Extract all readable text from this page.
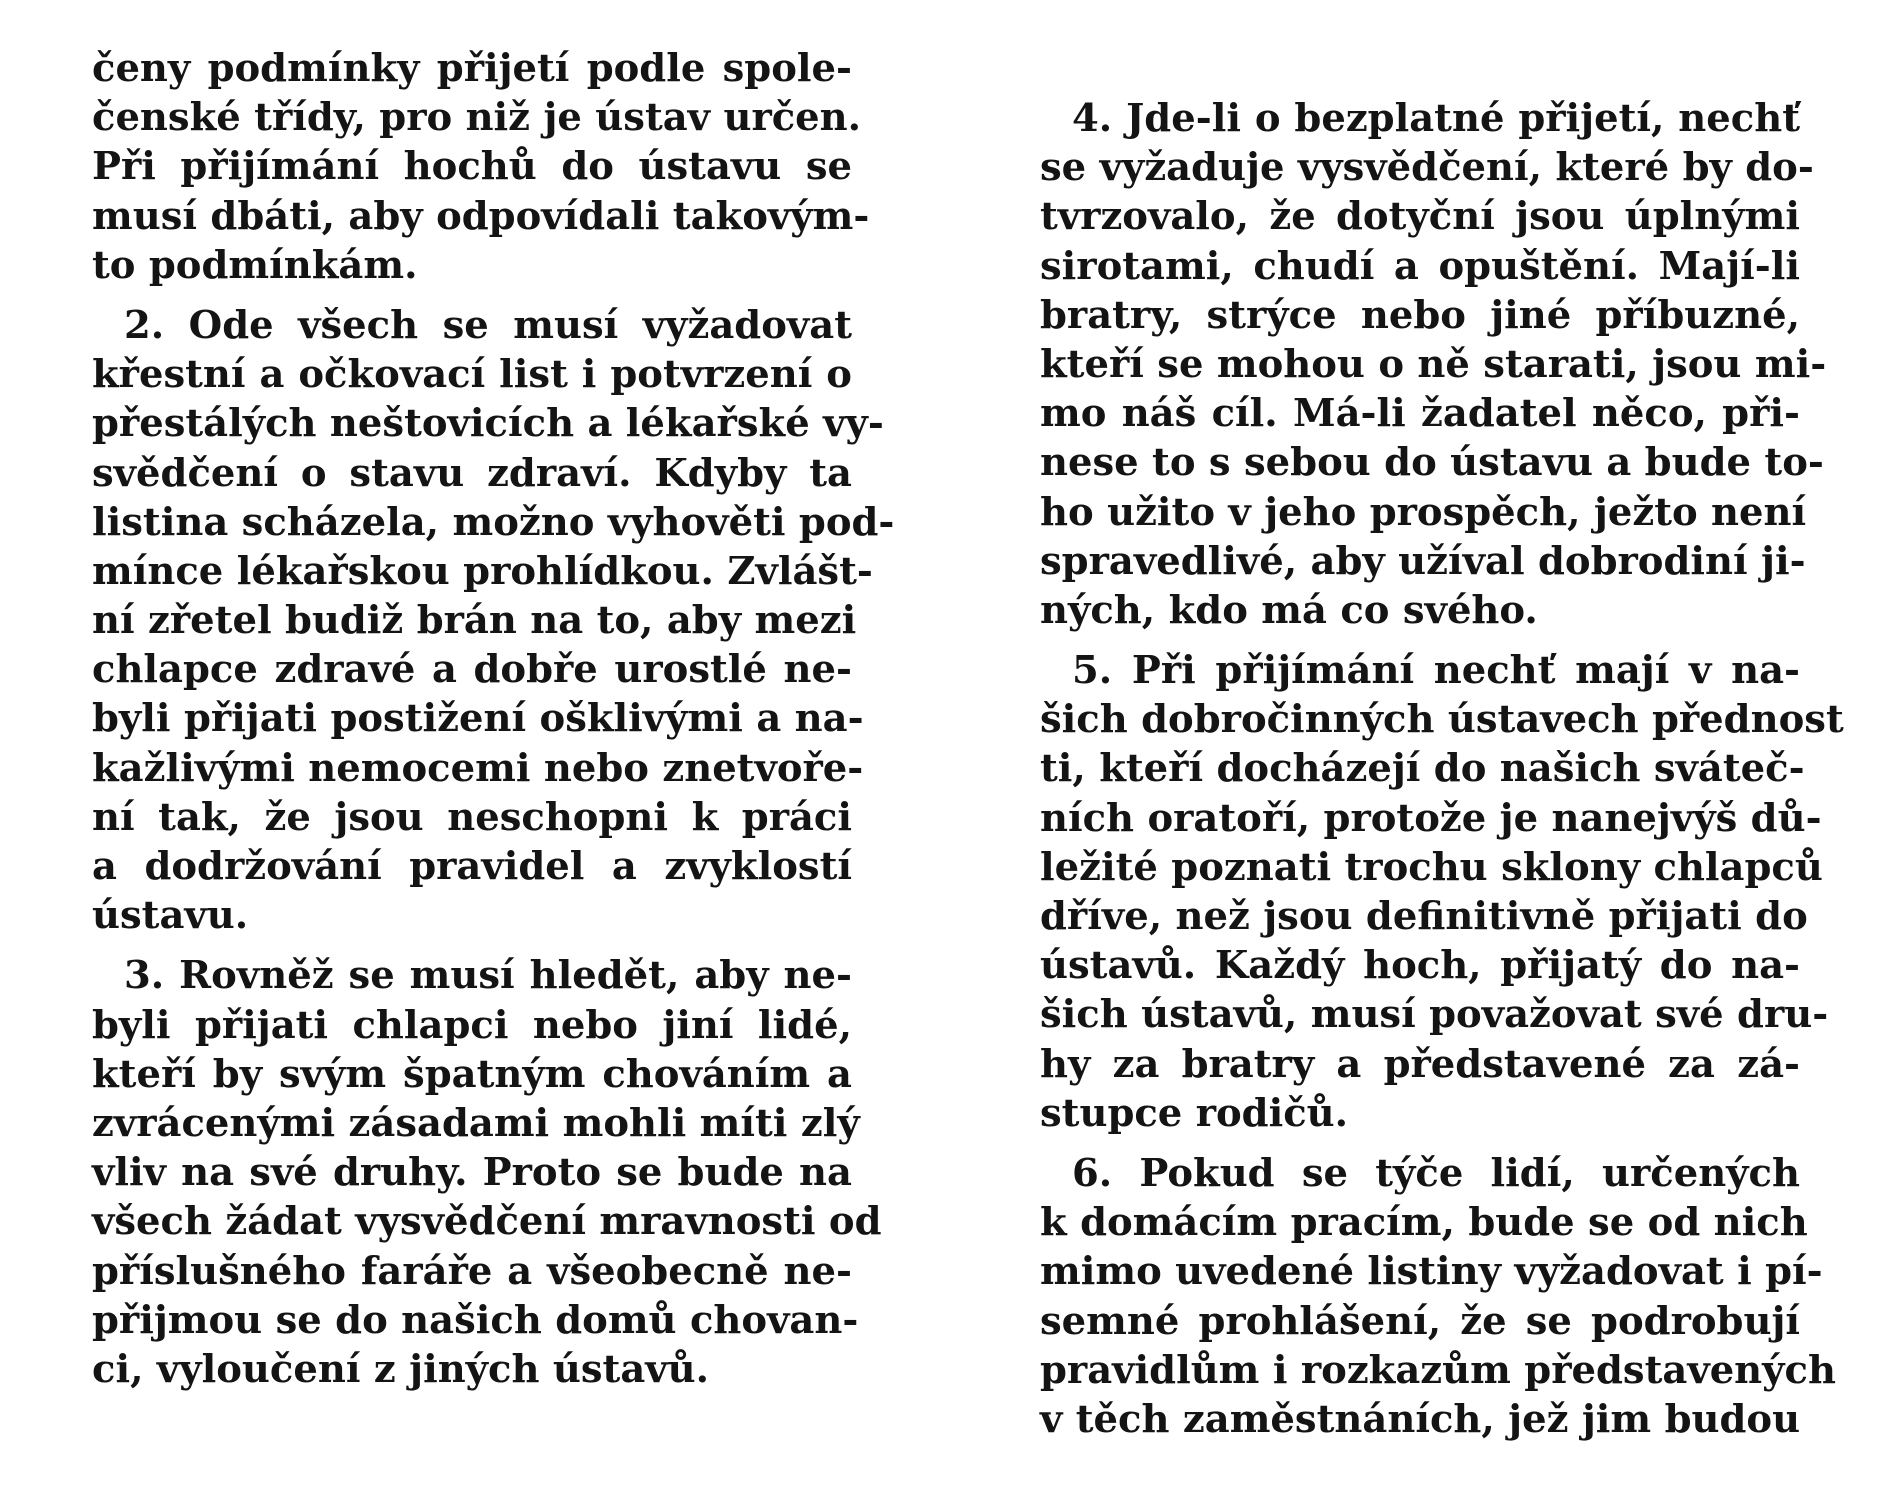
čeny podmínky přijetí podle spole-
čenské třídy, pro niž je ústav určen.
Při přijímání hochů do ústavu se
musí dbáti, aby odpovídali takovým-
to podmínkám.
2. Ode všech se musí vyžadovat
křestní a očkovací list i potvrzení o
přestálých neštovicích a lékařské vy-
svědčení o stavu zdraví. Kdyby ta
listina scházela, možno vyhověti pod-
mínce lékařskou prohlídkou. Zvlášt-
ní zřetel budiž brán na to, aby mezi
chlapce zdravé a dobře urostlé ne-
byli přijati postižení ošklivými a na-
kažlivými nemocemi nebo znetvoře-
ní tak, že jsou neschopni k práci
a dodržování pravidel a zvyklostí
ústavu.
3. Rovněž se musí hledět, aby ne-
byli přijati chlapci nebo jiní lidé,
kteří by svým špatným chováním a
zvrácenými zásadami mohli míti zlý
vliv na své druhy. Proto se bude na
všech žádat vysvědčení mravnosti od
příslušného faráře a všeobecně ne-
přijmou se do našich domů chovan-
ci, vyloučení z jiných ústavů.
4. Jde-li o bezplatné přijetí, nechť
se vyžaduje vysvědčení, které by do-
tvrzovalo, že dotyční jsou úplnými
sirotami, chudí a opuštění. Mají-li
bratry, strýce nebo jiné příbuzné,
kteří se mohou o ně starati, jsou mi-
mo náš cíl. Má-li žadatel něco, při-
nese to s sebou do ústavu a bude to-
ho užito v jeho prospěch, ježto není
spravedlivé, aby užíval dobrodiní ji-
ných, kdo má co svého.
5. Při přijímání nechť mají v na-
šich dobročinných ústavech přednost
ti, kteří docházejí do našich sváteč-
ních oratoří, protože je nanejvýš dů-
ležité poznati trochu sklony chlapců
dříve, než jsou definitivně přijati do
ústavů. Každý hoch, přijatý do na-
šich ústavů, musí považovat své dru-
hy za bratry a představené za zá-
stupce rodičů.
6. Pokud se týče lidí, určených
k domácím pracím, bude se od nich
mimo uvedené listiny vyžadovat i pí-
semné prohlášení, že se podrobují
pravidlům i rozkazům představených
v těch zaměstnáních, jež jim budou
